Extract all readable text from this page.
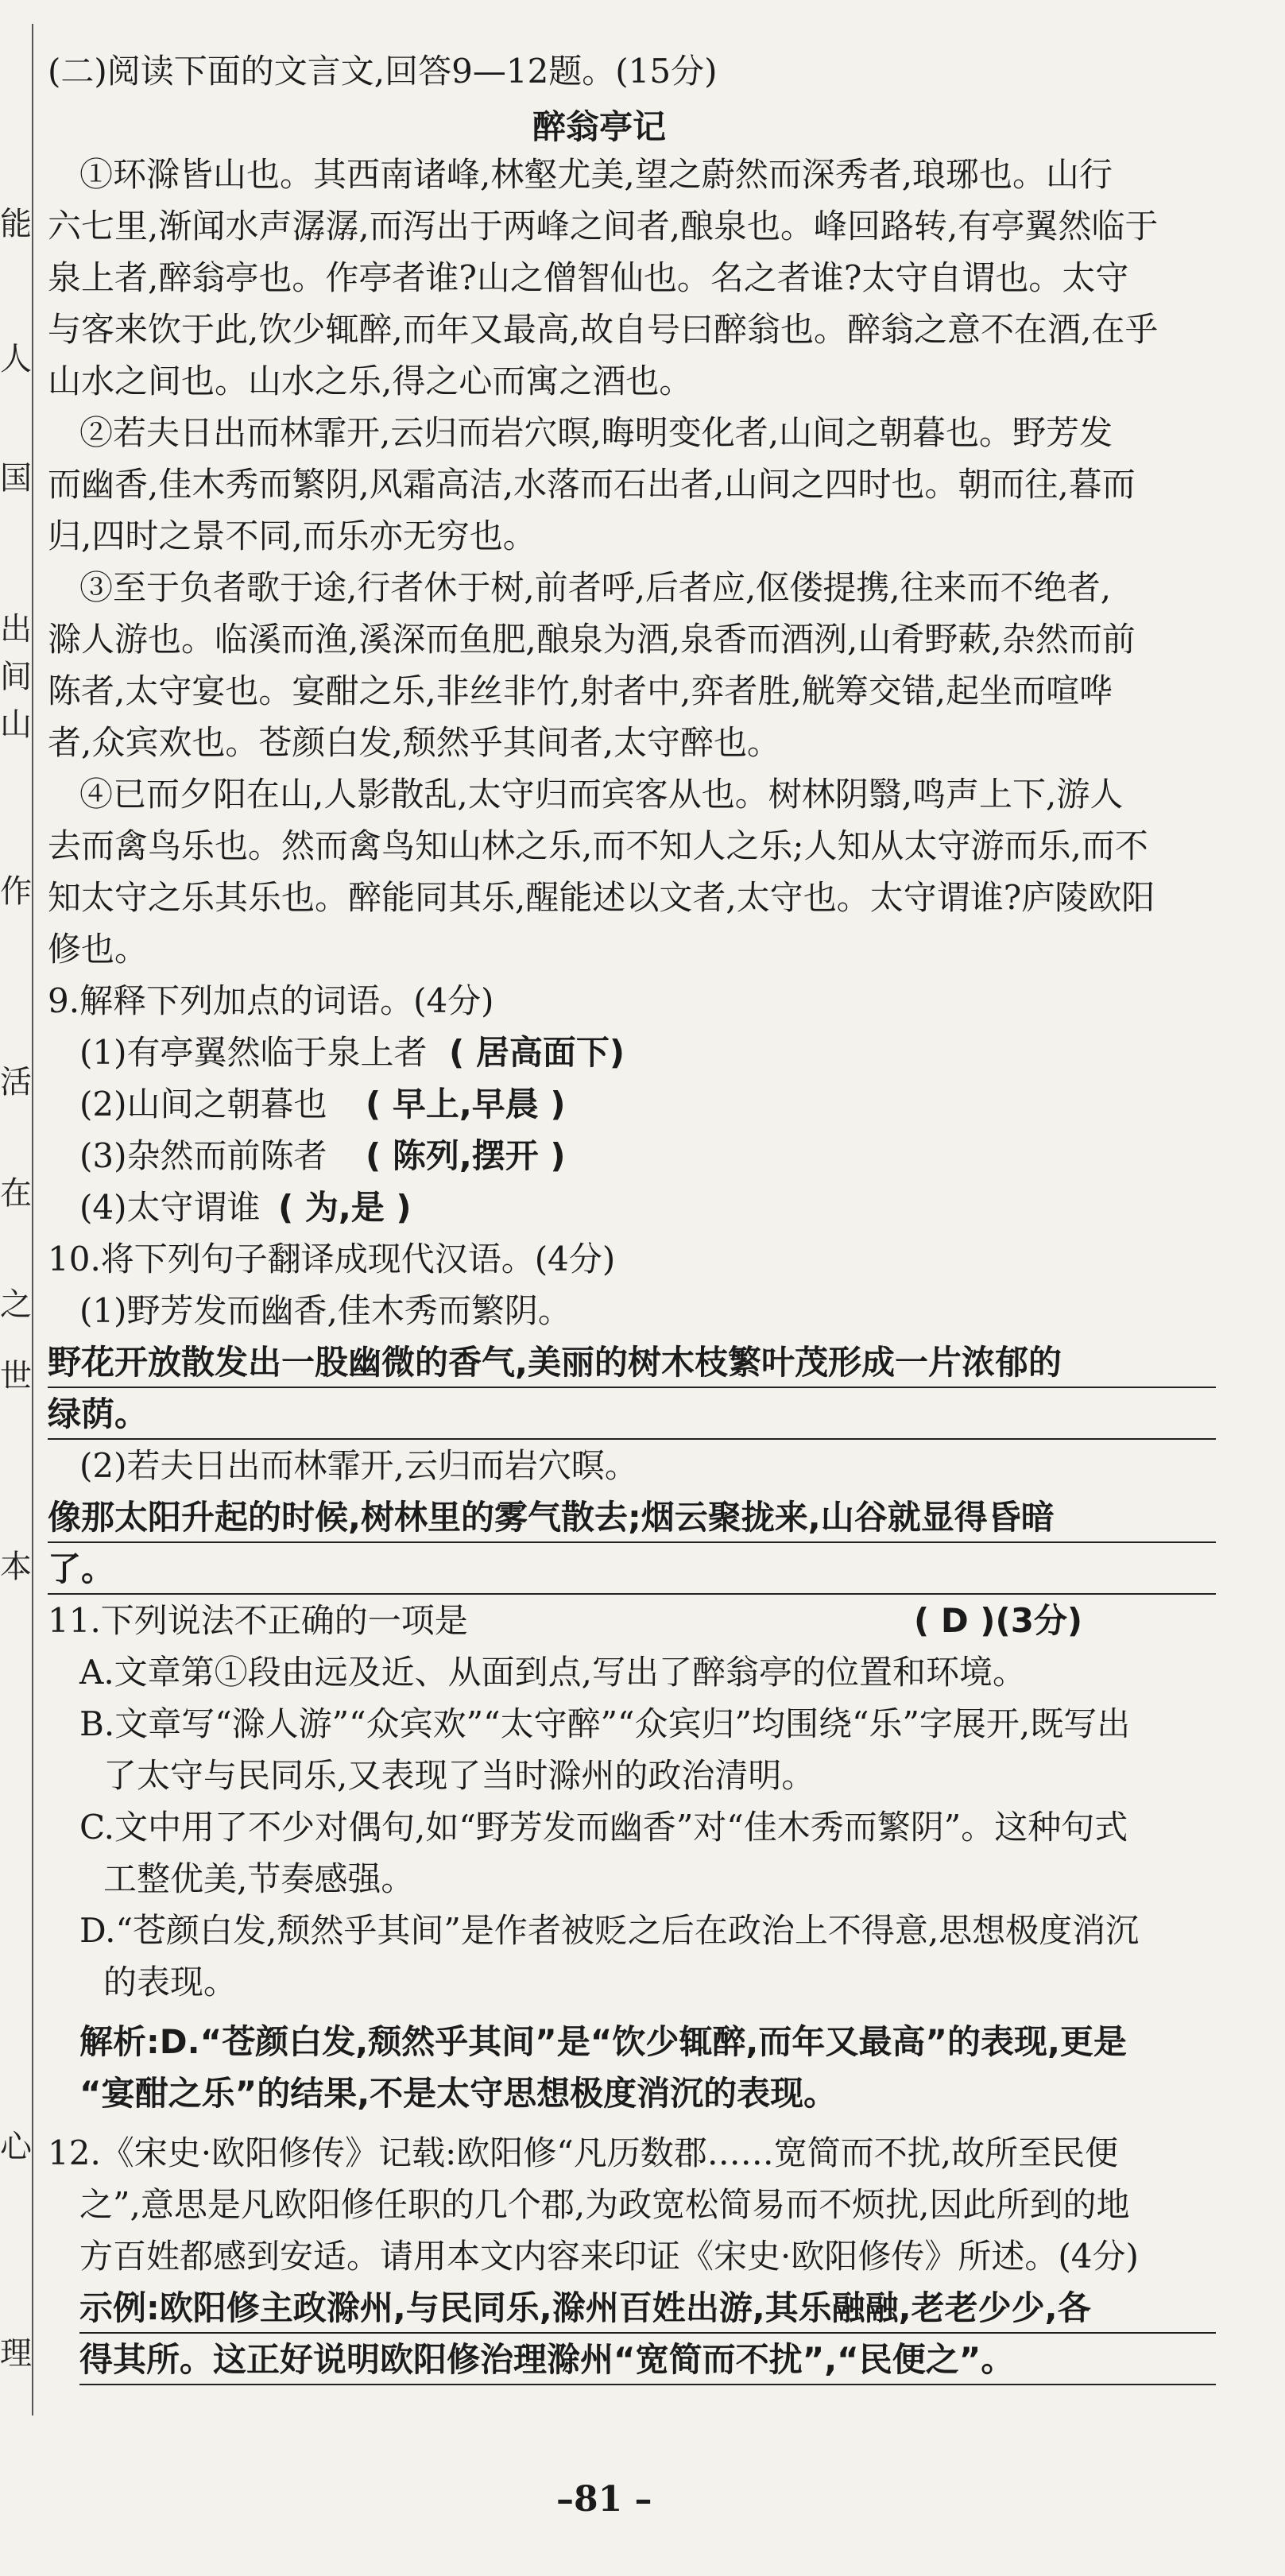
能
人
国
出
间
山
作
活
在
之
世
本
心
理
(二)阅读下面的文言文,回答9—12题。(15分)
醉翁亭记
①环滁皆山也。其西南诸峰,林壑尤美,望之蔚然而深秀者,琅琊也。山行
六七里,渐闻水声潺潺,而泻出于两峰之间者,酿泉也。峰回路转,有亭翼然临于
泉上者,醉翁亭也。作亭者谁?山之僧智仙也。名之者谁?太守自谓也。太守
与客来饮于此,饮少辄醉,而年又最高,故自号曰醉翁也。醉翁之意不在酒,在乎
山水之间也。山水之乐,得之心而寓之酒也。
②若夫日出而林霏开,云归而岩穴暝,晦明变化者,山间之朝暮也。野芳发
而幽香,佳木秀而繁阴,风霜高洁,水落而石出者,山间之四时也。朝而往,暮而
归,四时之景不同,而乐亦无穷也。
③至于负者歌于途,行者休于树,前者呼,后者应,伛偻提携,往来而不绝者,
滁人游也。临溪而渔,溪深而鱼肥,酿泉为酒,泉香而酒洌,山肴野蔌,杂然而前
陈者,太守宴也。宴酣之乐,非丝非竹,射者中,弈者胜,觥筹交错,起坐而喧哗
者,众宾欢也。苍颜白发,颓然乎其间者,太守醉也。
④已而夕阳在山,人影散乱,太守归而宾客从也。树林阴翳,鸣声上下,游人
去而禽鸟乐也。然而禽鸟知山林之乐,而不知人之乐;人知从太守游而乐,而不
知太守之乐其乐也。醉能同其乐,醒能述以文者,太守也。太守谓谁?庐陵欧阳
修也。
9.解释下列加点的词语。(4分)
(1)有亭翼然临于泉上者 ( 居高面下)
(2)山间之朝暮也 ( 早上,早晨 )
(3)杂然而前陈者 ( 陈列,摆开 )
(4)太守谓谁 ( 为,是 )
10.将下列句子翻译成现代汉语。(4分)
(1)野芳发而幽香,佳木秀而繁阴。
野花开放散发出一股幽微的香气,美丽的树木枝繁叶茂形成一片浓郁的
绿荫。
(2)若夫日出而林霏开,云归而岩穴暝。
像那太阳升起的时候,树林里的雾气散去;烟云聚拢来,山谷就显得昏暗
了。
11.下列说法不正确的一项是	( D )(3分)
A.文章第①段由远及近、从面到点,写出了醉翁亭的位置和环境。
B.文章写“滁人游”“众宾欢”“太守醉”“众宾归”均围绕“乐”字展开,既写出
了太守与民同乐,又表现了当时滁州的政治清明。
C.文中用了不少对偶句,如“野芳发而幽香”对“佳木秀而繁阴”。这种句式
工整优美,节奏感强。
D.“苍颜白发,颓然乎其间”是作者被贬之后在政治上不得意,思想极度消沉
的表现。
解析:D.“苍颜白发,颓然乎其间”是“饮少辄醉,而年又最高”的表现,更是
“宴酣之乐”的结果,不是太守思想极度消沉的表现。
12.《宋史·欧阳修传》记载:欧阳修“凡历数郡……宽简而不扰,故所至民便
之”,意思是凡欧阳修任职的几个郡,为政宽松简易而不烦扰,因此所到的地
方百姓都感到安适。请用本文内容来印证《宋史·欧阳修传》所述。(4分)
示例:欧阳修主政滁州,与民同乐,滁州百姓出游,其乐融融,老老少少,各
得其所。这正好说明欧阳修治理滁州“宽简而不扰”,“民便之”。
–81 –
